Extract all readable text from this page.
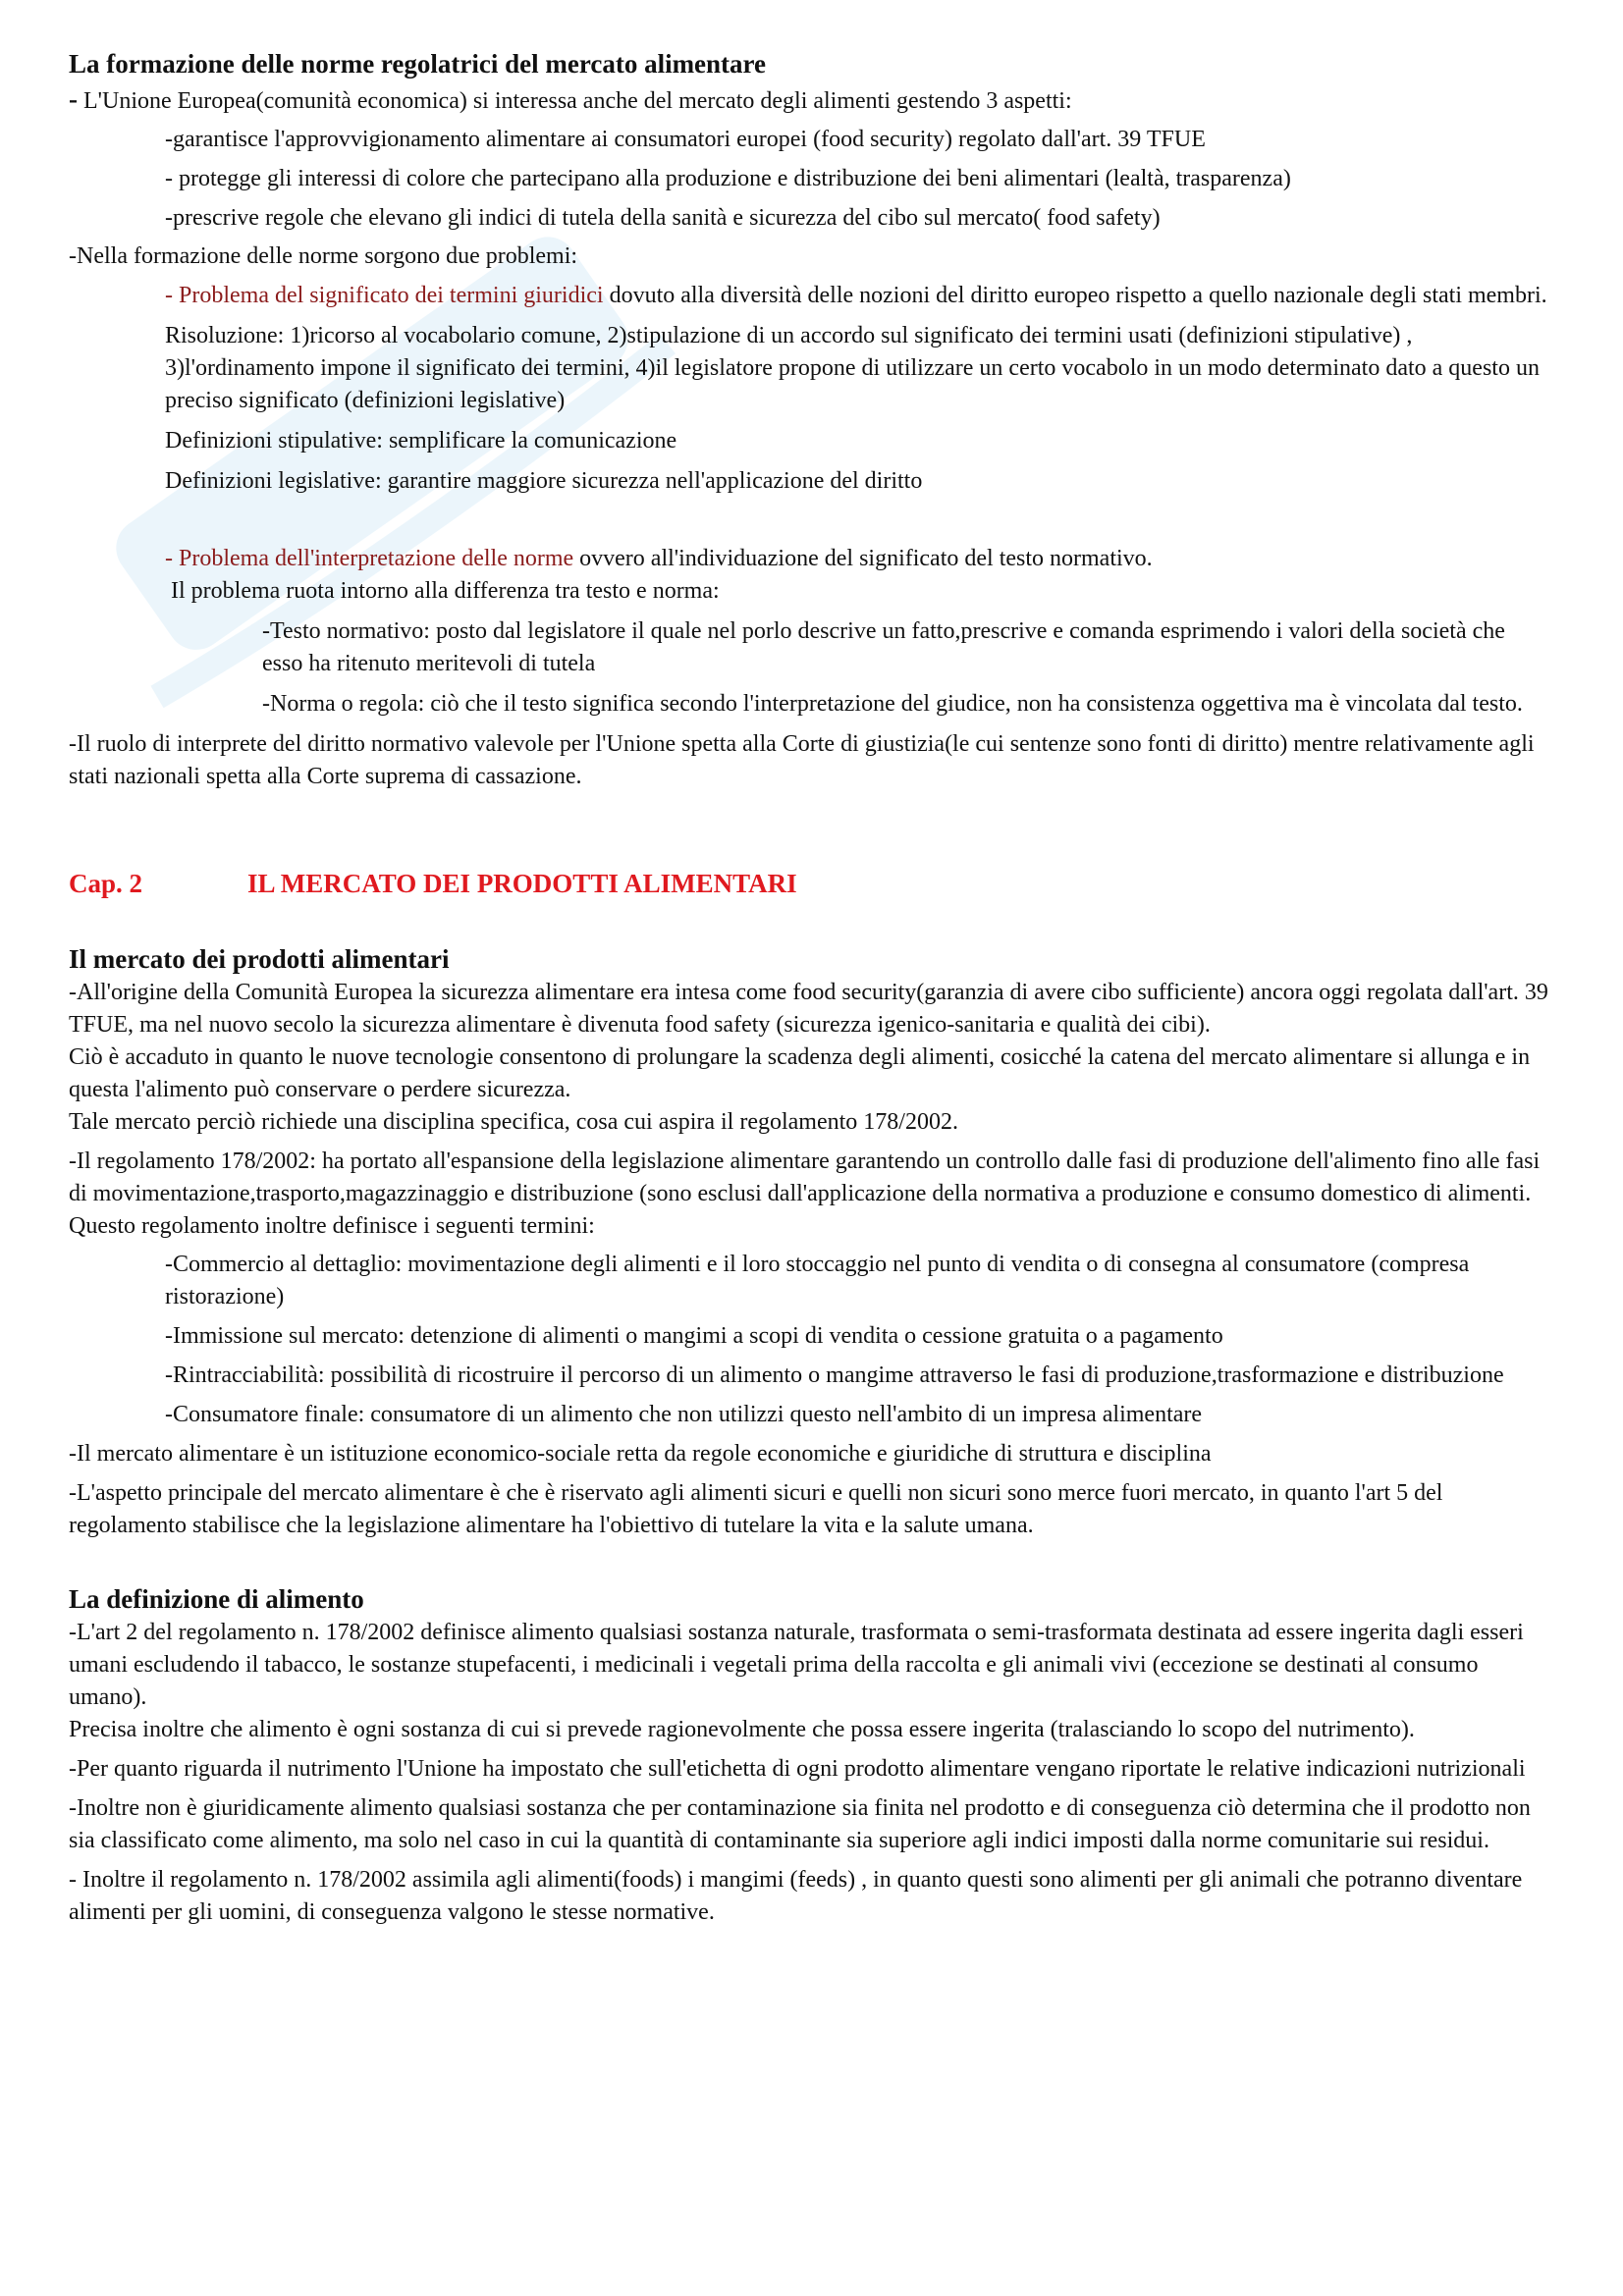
La formazione delle norme regolatrici del mercato alimentare

- L'Unione Europea(comunità economica) si interessa anche del mercato degli alimenti gestendo 3 aspetti:

-garantisce l'approvvigionamento alimentare ai consumatori europei (food security) regolato dall'art. 39 TFUE

- protegge gli interessi di colore che partecipano alla produzione e distribuzione dei beni alimentari (lealtà, trasparenza)

-prescrive regole che elevano gli indici di tutela della sanità e sicurezza del cibo sul mercato( food safety)

-Nella formazione delle norme sorgono due problemi:

- Problema del significato dei termini giuridici dovuto alla diversità delle nozioni del diritto europeo rispetto a quello nazionale degli stati membri.

Risoluzione: 1)ricorso al vocabolario comune, 2)stipulazione di un accordo sul significato dei termini usati (definizioni stipulative) , 3)l'ordinamento impone il significato dei termini, 4)il legislatore propone di utilizzare un certo vocabolo in un modo determinato dato a questo un preciso significato (definizioni legislative)

Definizioni stipulative: semplificare la comunicazione

Definizioni legislative: garantire maggiore sicurezza nell'applicazione del diritto

- Problema dell'interpretazione delle norme ovvero all'individuazione del significato del testo normativo.

Il problema ruota intorno alla differenza tra testo e norma:

-Testo normativo: posto dal legislatore il quale nel porlo descrive un fatto,prescrive e comanda esprimendo i valori della società che esso ha ritenuto meritevoli di tutela

-Norma o regola: ciò che il testo significa secondo l'interpretazione del giudice, non ha consistenza oggettiva ma è vincolata dal testo.

-Il ruolo di interprete del diritto normativo valevole per l'Unione spetta alla Corte di giustizia(le cui sentenze sono fonti di diritto) mentre relativamente agli stati nazionali spetta alla Corte suprema di cassazione.

Cap. 2	IL MERCATO DEI PRODOTTI ALIMENTARI

Il mercato dei prodotti alimentari

-All'origine della Comunità Europea la sicurezza alimentare era intesa come food security(garanzia di avere cibo sufficiente) ancora oggi regolata dall'art. 39 TFUE, ma nel nuovo secolo la sicurezza alimentare è divenuta food safety (sicurezza igenico-sanitaria e qualità dei cibi).

Ciò è accaduto in quanto le nuove tecnologie consentono di prolungare la scadenza degli alimenti, cosicché la catena del mercato alimentare si allunga e in questa l'alimento può conservare o perdere sicurezza.

Tale mercato perciò richiede una disciplina specifica, cosa cui aspira il regolamento 178/2002.

-Il regolamento 178/2002: ha portato all'espansione della legislazione alimentare garantendo un controllo dalle fasi di produzione dell'alimento fino alle fasi di movimentazione,trasporto,magazzinaggio e distribuzione (sono esclusi dall'applicazione della normativa a produzione e consumo domestico di alimenti.

Questo regolamento inoltre definisce i seguenti termini:

-Commercio al dettaglio: movimentazione degli alimenti e il loro stoccaggio nel punto di vendita o di consegna al consumatore (compresa ristorazione)

-Immissione sul mercato: detenzione di alimenti o mangimi a scopi di vendita o cessione gratuita o a pagamento

-Rintracciabilità: possibilità di ricostruire il percorso di un alimento o mangime attraverso le fasi di produzione,trasformazione e distribuzione

-Consumatore finale: consumatore di un alimento che non utilizzi questo nell'ambito di un impresa alimentare

-Il mercato alimentare è un istituzione economico-sociale retta da regole economiche e giuridiche di struttura e disciplina

-L'aspetto principale del mercato alimentare è che è riservato agli alimenti sicuri e quelli non sicuri sono merce fuori mercato, in quanto l'art 5 del regolamento stabilisce che la legislazione alimentare ha l'obiettivo di tutelare la vita e la salute umana.

La definizione di alimento

-L'art 2 del regolamento n. 178/2002 definisce alimento qualsiasi sostanza naturale, trasformata o semi-trasformata destinata ad essere ingerita dagli esseri umani escludendo il tabacco, le sostanze stupefacenti, i medicinali i vegetali prima della raccolta e gli animali vivi (eccezione se destinati al consumo umano).

Precisa inoltre che alimento è ogni sostanza di cui si prevede ragionevolmente che possa essere ingerita (tralasciando lo scopo del nutrimento).

-Per quanto riguarda il nutrimento l'Unione ha impostato che sull'etichetta di ogni prodotto alimentare vengano riportate le relative indicazioni nutrizionali

-Inoltre non è giuridicamente alimento qualsiasi sostanza che per contaminazione sia finita nel prodotto e di conseguenza ciò determina che il prodotto non sia classificato come alimento, ma solo nel caso in cui la quantità di contaminante sia superiore agli indici imposti dalla norme comunitarie sui residui.

- Inoltre il regolamento n. 178/2002 assimila agli alimenti(foods) i mangimi (feeds) , in quanto questi sono alimenti per gli animali che potranno diventare alimenti per gli uomini, di conseguenza valgono le stesse normative.
